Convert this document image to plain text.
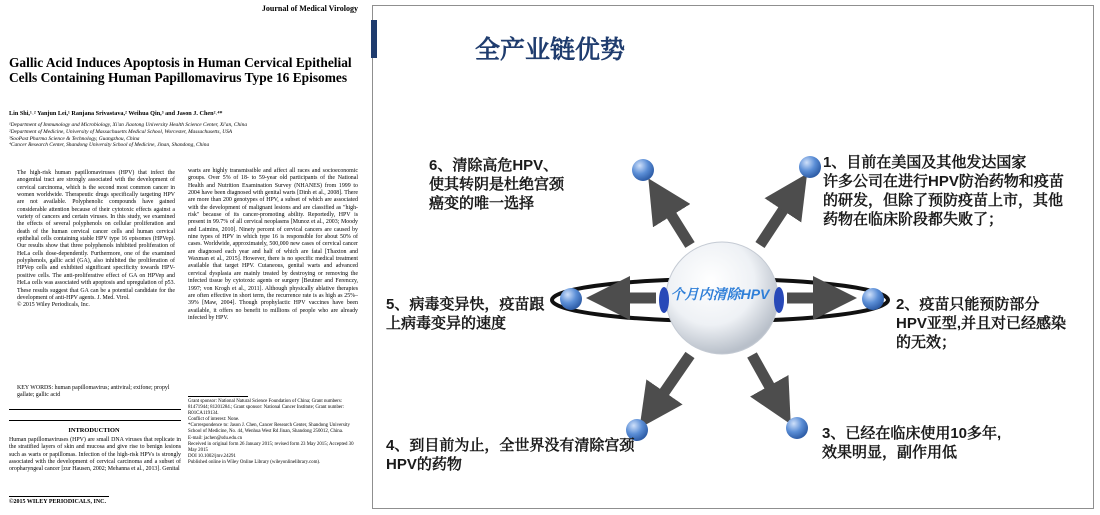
Journal of Medical Virology
Gallic Acid Induces Apoptosis in Human Cervical Epithelial Cells Containing Human Papillomavirus Type 16 Episomes
Lin Shi,¹˒² Yanjun Lei,¹ Ranjana Srivastava,² Weihua Qin,³ and Jason J. Chen²˒⁴*
¹Department of Immunology and Microbiology, Xi'an Jiaotong University Health Science Center, Xi'an, China
²Department of Medicine, University of Massachusetts Medical School, Worcester, Massachusetts, USA
³SooPast Pharma Science & Technology, Guangzhou, China
⁴Cancer Research Center, Shandong University School of Medicine, Jinan, Shandong, China
The high-risk human papillomaviruses (HPV) that infect the anogenital tract are strongly associated with the development of cervical carcinoma, which is the second most common cancer in women worldwide. Therapeutic drugs specifically targeting HPV are not available. Polyphenolic compounds have gained considerable attention because of their cytotoxic effects against a variety of cancers and certain viruses. In this study, we examined the effects of several polyphenols on cellular proliferation and death of the human cervical cancer cells and human cervical epithelial cells containing stable HPV type 16 episomes (HPVep). Our results show that three polyphenols inhibited proliferation of HeLa cells dose-dependently. Furthermore, one of the examined polyphenols, gallic acid (GA), also inhibited the proliferation of HPVep cells and exhibited significant specificity towards HPV-positive cells. The anti-proliferative effect of GA on HPVep and HeLa cells was associated with apoptosis and upregulation of p53. These results suggest that GA can be a potential candidate for the development of anti-HPV agents. J. Med. Virol.
© 2015 Wiley Periodicals, Inc.
KEY WORDS: human papillomavirus; antiviral; exifone; propyl gallate; gallic acid
INTRODUCTION
Human papillomaviruses (HPV) are small DNA viruses that replicate in the stratified layers of skin and mucosa and give rise to benign lesions such as warts or papillomas. Infection of the high-risk HPVs is strongly associated with the development of cervical carcinoma and a subset of oropharyngeal cancer [zur Hausen, 2002; Mehanna et al., 2013]. Genital
©2015 WILEY PERIODICALS, INC.
warts are highly transmissible and affect all races and socioeconomic groups. Over 5% of 18- to 59-year old participants of the National Health and Nutrition Examination Survey (NHANES) from 1999 to 2004 have been diagnosed with genital warts [Dinh et al., 2008]. There are more than 200 genotypes of HPV, a subset of which are associated with the development of malignant lesions and are classified as "high-risk" because of its cancer-promoting ability. Reportedly, HPV is present in 99.7% of all cervical neoplasms [Munoz et al., 2003; Moody and Laimins, 2010]. Ninety percent of cervical cancers are caused by nine types of HPV in which type 16 is responsible for about 50% of cases. Worldwide, approximately, 500,000 new cases of cervical cancer are diagnosed each year and half of which are fatal [Thaxton and Waxman et al., 2015]. However, there is no specific medical treatment available that target HPV. Cutaneous, genital warts and advanced cervical dysplasia are mainly treated by destroying or removing the infected tissue by cytotoxic agents or surgery [Beutner and Ferenczy, 1997; von Krogh et al., 2011]. Although physically ablative therapies are often effective in short term, the recurrence rate is as high as 25%–39% [Maw, 2004]. Though prophylactic HPV vaccines have been available, it offers no benefit to millions of people who are already infected by HPV.
Grant sponsor: National Natural Science Foundation of China; Grant numbers: 81471944; 81201284.; Grant sponsor: National Cancer Institute; Grant number: R01CA119134.
Conflict of interest: None.
*Correspondence to: Jason J. Chen, Cancer Research Center, Shandong University School of Medicine, No. 44, Wenhua West Rd Jinan, Shandong 250012, China.
E-mail: jachen@sdu.edu.cn
Received in original form 26 January 2015; revised form 23 May 2015; Accepted 30 May 2015
DOI 10.1002/jmv.24291
Published online in Wiley Online Library (wileyonlinelibrary.com).
全产业链优势
个月内清除HPV
1、目前在美国及其他发达国家
许多公司在进行HPV防治药物和疫苗
的研发，但除了预防疫苗上市，其他
药物在临床阶段都失败了；
2、疫苗只能预防部分
HPV亚型,并且对已经感染
的无效；
3、已经在临床使用10多年,
效果明显，副作用低
4、到目前为止，全世界没有清除宫颈
HPV的药物
5、病毒变异快，疫苗跟
上病毒变异的速度
6、清除高危HPV、
使其转阴是杜绝宫颈
癌变的唯一选择
